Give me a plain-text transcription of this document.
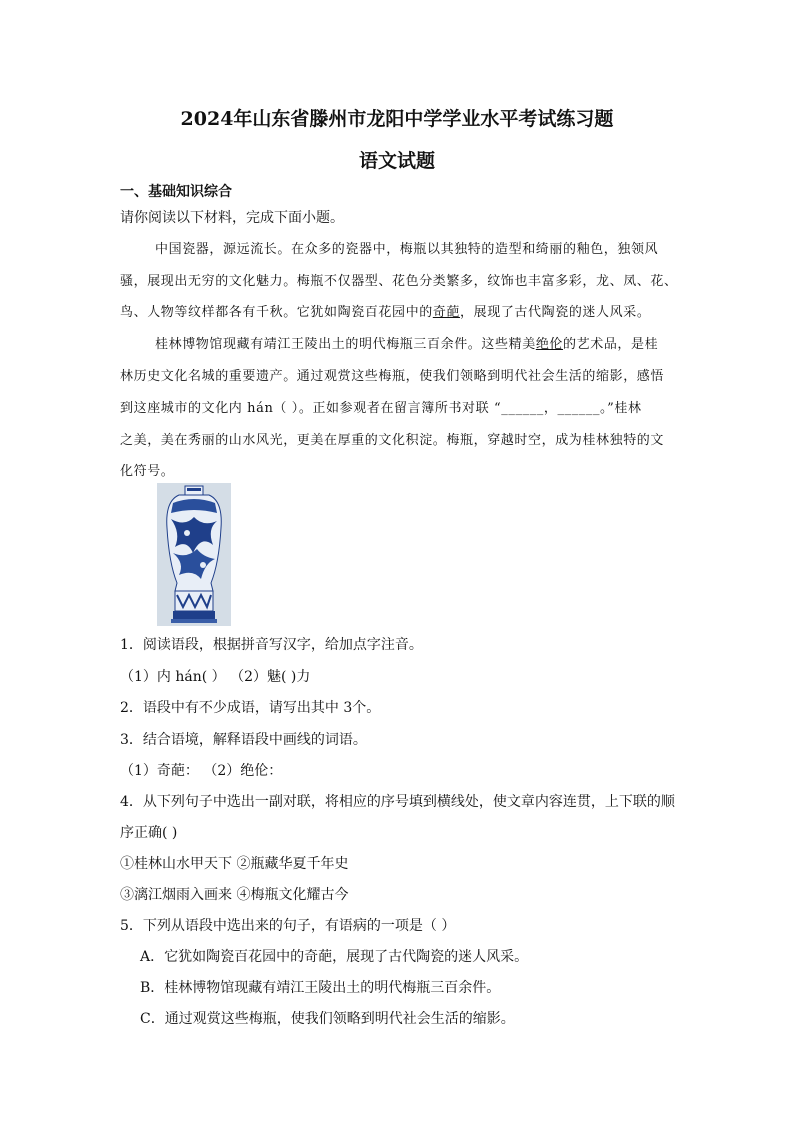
2024年山东省滕州市龙阳中学学业水平考试练习题
语文试题
一、基础知识综合
请你阅读以下材料，完成下面小题。
中国瓷器，源远流长。在众多的瓷器中，梅瓶以其独特的造型和绮丽的釉色，独领风
骚，展现出无穷的文化魅力。梅瓶不仅器型、花色分类繁多，纹饰也丰富多彩，龙、凤、花、
鸟、人物等纹样都各有千秋。它犹如陶瓷百花园中的奇葩，展现了古代陶瓷的迷人风采。
桂林博物馆现藏有靖江王陵出土的明代梅瓶三百余件。这些精美绝伦的艺术品，是桂
林历史文化名城的重要遗产。通过观赏这些梅瓶，使我们领略到明代社会生活的缩影，感悟
到这座城市的文化内 hán（ ）。正如参观者在留言簿所书对联 “______，______。”桂林
之美，美在秀丽的山水风光，更美在厚重的文化积淀。梅瓶，穿越时空，成为桂林独特的文
化符号。
1．阅读语段，根据拼音写汉字，给加点字注音。
（1）内 hán( ） （2）魅( )力
2．语段中有不少成语，请写出其中 3个。
3．结合语境，解释语段中画线的词语。
（1）奇葩： （2）绝伦：
4．从下列句子中选出一副对联，将相应的序号填到横线处，使文章内容连贯，上下联的顺
序正确( )
①桂林山水甲天下 ②瓶藏华夏千年史
③漓江烟雨入画来 ④梅瓶文化耀古今
5．下列从语段中选出来的句子，有语病的一项是（ ）
A．它犹如陶瓷百花园中的奇葩，展现了古代陶瓷的迷人风采。
B．桂林博物馆现藏有靖江王陵出土的明代梅瓶三百余件。
C．通过观赏这些梅瓶，使我们领略到明代社会生活的缩影。
